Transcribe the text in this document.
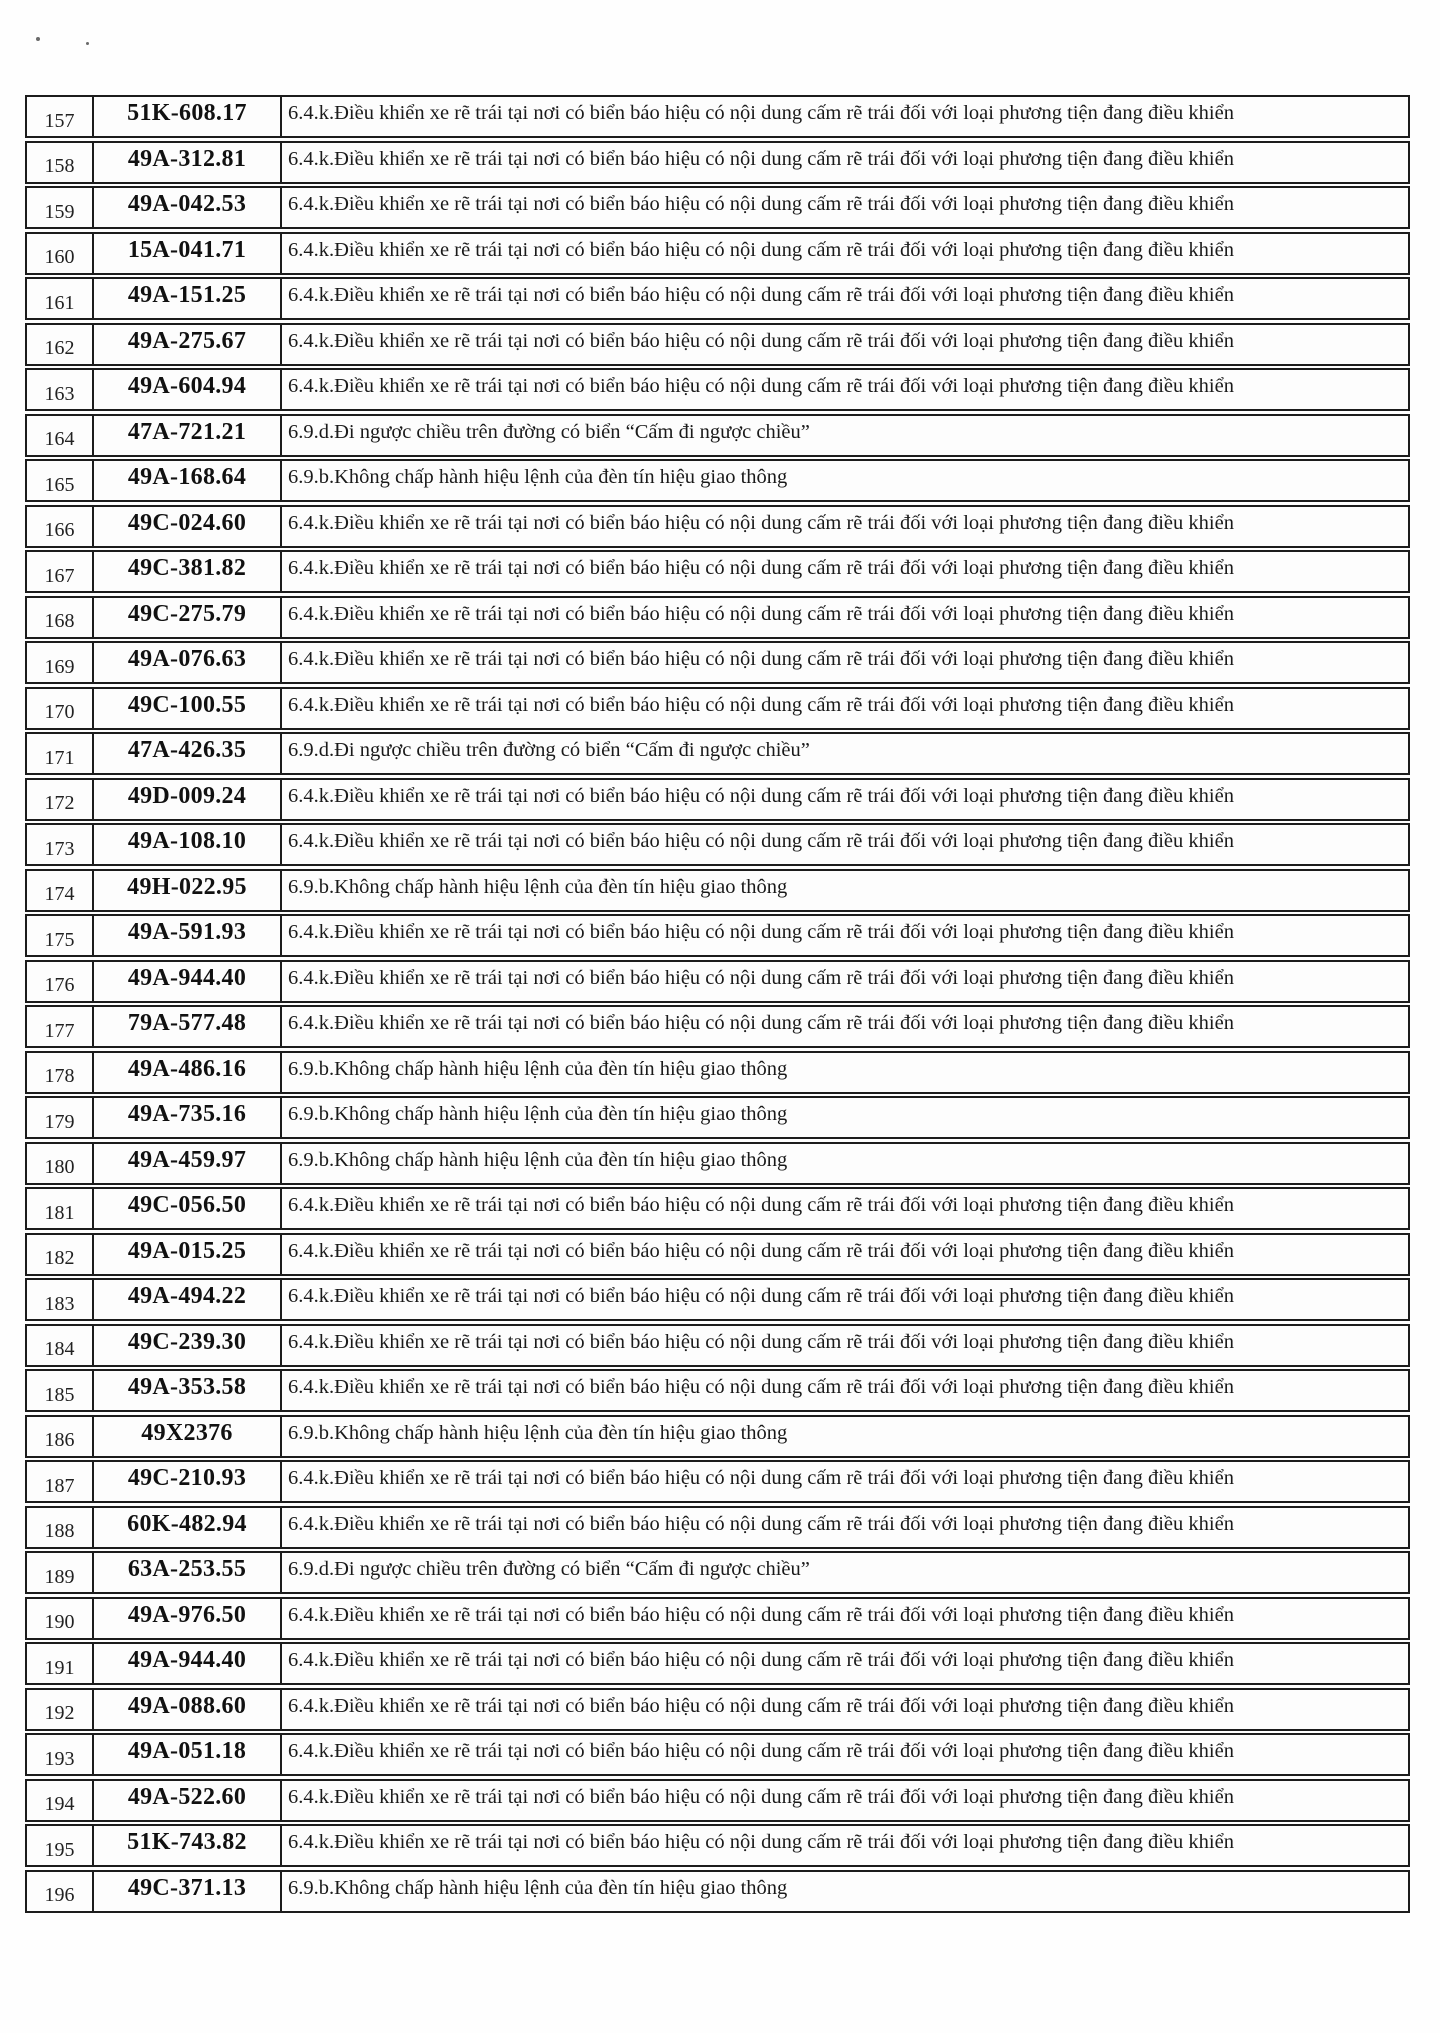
157 51K-608.17 6.4.k.Điều khiển xe rẽ trái tại nơi có biển báo hiệu có nội dung cấm rẽ trái đối với loại phương tiện đang điều khiển
158 49A-312.81 6.4.k.Điều khiển xe rẽ trái tại nơi có biển báo hiệu có nội dung cấm rẽ trái đối với loại phương tiện đang điều khiển
159 49A-042.53 6.4.k.Điều khiển xe rẽ trái tại nơi có biển báo hiệu có nội dung cấm rẽ trái đối với loại phương tiện đang điều khiển
160 15A-041.71 6.4.k.Điều khiển xe rẽ trái tại nơi có biển báo hiệu có nội dung cấm rẽ trái đối với loại phương tiện đang điều khiển
161 49A-151.25 6.4.k.Điều khiển xe rẽ trái tại nơi có biển báo hiệu có nội dung cấm rẽ trái đối với loại phương tiện đang điều khiển
162 49A-275.67 6.4.k.Điều khiển xe rẽ trái tại nơi có biển báo hiệu có nội dung cấm rẽ trái đối với loại phương tiện đang điều khiển
163 49A-604.94 6.4.k.Điều khiển xe rẽ trái tại nơi có biển báo hiệu có nội dung cấm rẽ trái đối với loại phương tiện đang điều khiển
164 47A-721.21 6.9.d.Đi ngược chiều trên đường có biển “Cấm đi ngược chiều”
165 49A-168.64 6.9.b.Không chấp hành hiệu lệnh của đèn tín hiệu giao thông
166 49C-024.60 6.4.k.Điều khiển xe rẽ trái tại nơi có biển báo hiệu có nội dung cấm rẽ trái đối với loại phương tiện đang điều khiển
167 49C-381.82 6.4.k.Điều khiển xe rẽ trái tại nơi có biển báo hiệu có nội dung cấm rẽ trái đối với loại phương tiện đang điều khiển
168 49C-275.79 6.4.k.Điều khiển xe rẽ trái tại nơi có biển báo hiệu có nội dung cấm rẽ trái đối với loại phương tiện đang điều khiển
169 49A-076.63 6.4.k.Điều khiển xe rẽ trái tại nơi có biển báo hiệu có nội dung cấm rẽ trái đối với loại phương tiện đang điều khiển
170 49C-100.55 6.4.k.Điều khiển xe rẽ trái tại nơi có biển báo hiệu có nội dung cấm rẽ trái đối với loại phương tiện đang điều khiển
171 47A-426.35 6.9.d.Đi ngược chiều trên đường có biển “Cấm đi ngược chiều”
172 49D-009.24 6.4.k.Điều khiển xe rẽ trái tại nơi có biển báo hiệu có nội dung cấm rẽ trái đối với loại phương tiện đang điều khiển
173 49A-108.10 6.4.k.Điều khiển xe rẽ trái tại nơi có biển báo hiệu có nội dung cấm rẽ trái đối với loại phương tiện đang điều khiển
174 49H-022.95 6.9.b.Không chấp hành hiệu lệnh của đèn tín hiệu giao thông
175 49A-591.93 6.4.k.Điều khiển xe rẽ trái tại nơi có biển báo hiệu có nội dung cấm rẽ trái đối với loại phương tiện đang điều khiển
176 49A-944.40 6.4.k.Điều khiển xe rẽ trái tại nơi có biển báo hiệu có nội dung cấm rẽ trái đối với loại phương tiện đang điều khiển
177 79A-577.48 6.4.k.Điều khiển xe rẽ trái tại nơi có biển báo hiệu có nội dung cấm rẽ trái đối với loại phương tiện đang điều khiển
178 49A-486.16 6.9.b.Không chấp hành hiệu lệnh của đèn tín hiệu giao thông
179 49A-735.16 6.9.b.Không chấp hành hiệu lệnh của đèn tín hiệu giao thông
180 49A-459.97 6.9.b.Không chấp hành hiệu lệnh của đèn tín hiệu giao thông
181 49C-056.50 6.4.k.Điều khiển xe rẽ trái tại nơi có biển báo hiệu có nội dung cấm rẽ trái đối với loại phương tiện đang điều khiển
182 49A-015.25 6.4.k.Điều khiển xe rẽ trái tại nơi có biển báo hiệu có nội dung cấm rẽ trái đối với loại phương tiện đang điều khiển
183 49A-494.22 6.4.k.Điều khiển xe rẽ trái tại nơi có biển báo hiệu có nội dung cấm rẽ trái đối với loại phương tiện đang điều khiển
184 49C-239.30 6.4.k.Điều khiển xe rẽ trái tại nơi có biển báo hiệu có nội dung cấm rẽ trái đối với loại phương tiện đang điều khiển
185 49A-353.58 6.4.k.Điều khiển xe rẽ trái tại nơi có biển báo hiệu có nội dung cấm rẽ trái đối với loại phương tiện đang điều khiển
186	49X2376	6.9.b.Không chấp hành hiệu lệnh của đèn tín hiệu giao thông
187 49C-210.93 6.4.k.Điều khiển xe rẽ trái tại nơi có biển báo hiệu có nội dung cấm rẽ trái đối với loại phương tiện đang điều khiển
188 60K-482.94 6.4.k.Điều khiển xe rẽ trái tại nơi có biển báo hiệu có nội dung cấm rẽ trái đối với loại phương tiện đang điều khiển
189 63A-253.55 6.9.d.Đi ngược chiều trên đường có biển “Cấm đi ngược chiều”
190 49A-976.50 6.4.k.Điều khiển xe rẽ trái tại nơi có biển báo hiệu có nội dung cấm rẽ trái đối với loại phương tiện đang điều khiển
191 49A-944.40 6.4.k.Điều khiển xe rẽ trái tại nơi có biển báo hiệu có nội dung cấm rẽ trái đối với loại phương tiện đang điều khiển
192 49A-088.60 6.4.k.Điều khiển xe rẽ trái tại nơi có biển báo hiệu có nội dung cấm rẽ trái đối với loại phương tiện đang điều khiển
193 49A-051.18 6.4.k.Điều khiển xe rẽ trái tại nơi có biển báo hiệu có nội dung cấm rẽ trái đối với loại phương tiện đang điều khiển
194 49A-522.60 6.4.k.Điều khiển xe rẽ trái tại nơi có biển báo hiệu có nội dung cấm rẽ trái đối với loại phương tiện đang điều khiển
195 51K-743.82 6.4.k.Điều khiển xe rẽ trái tại nơi có biển báo hiệu có nội dung cấm rẽ trái đối với loại phương tiện đang điều khiển
196 49C-371.13 6.9.b.Không chấp hành hiệu lệnh của đèn tín hiệu giao thông
